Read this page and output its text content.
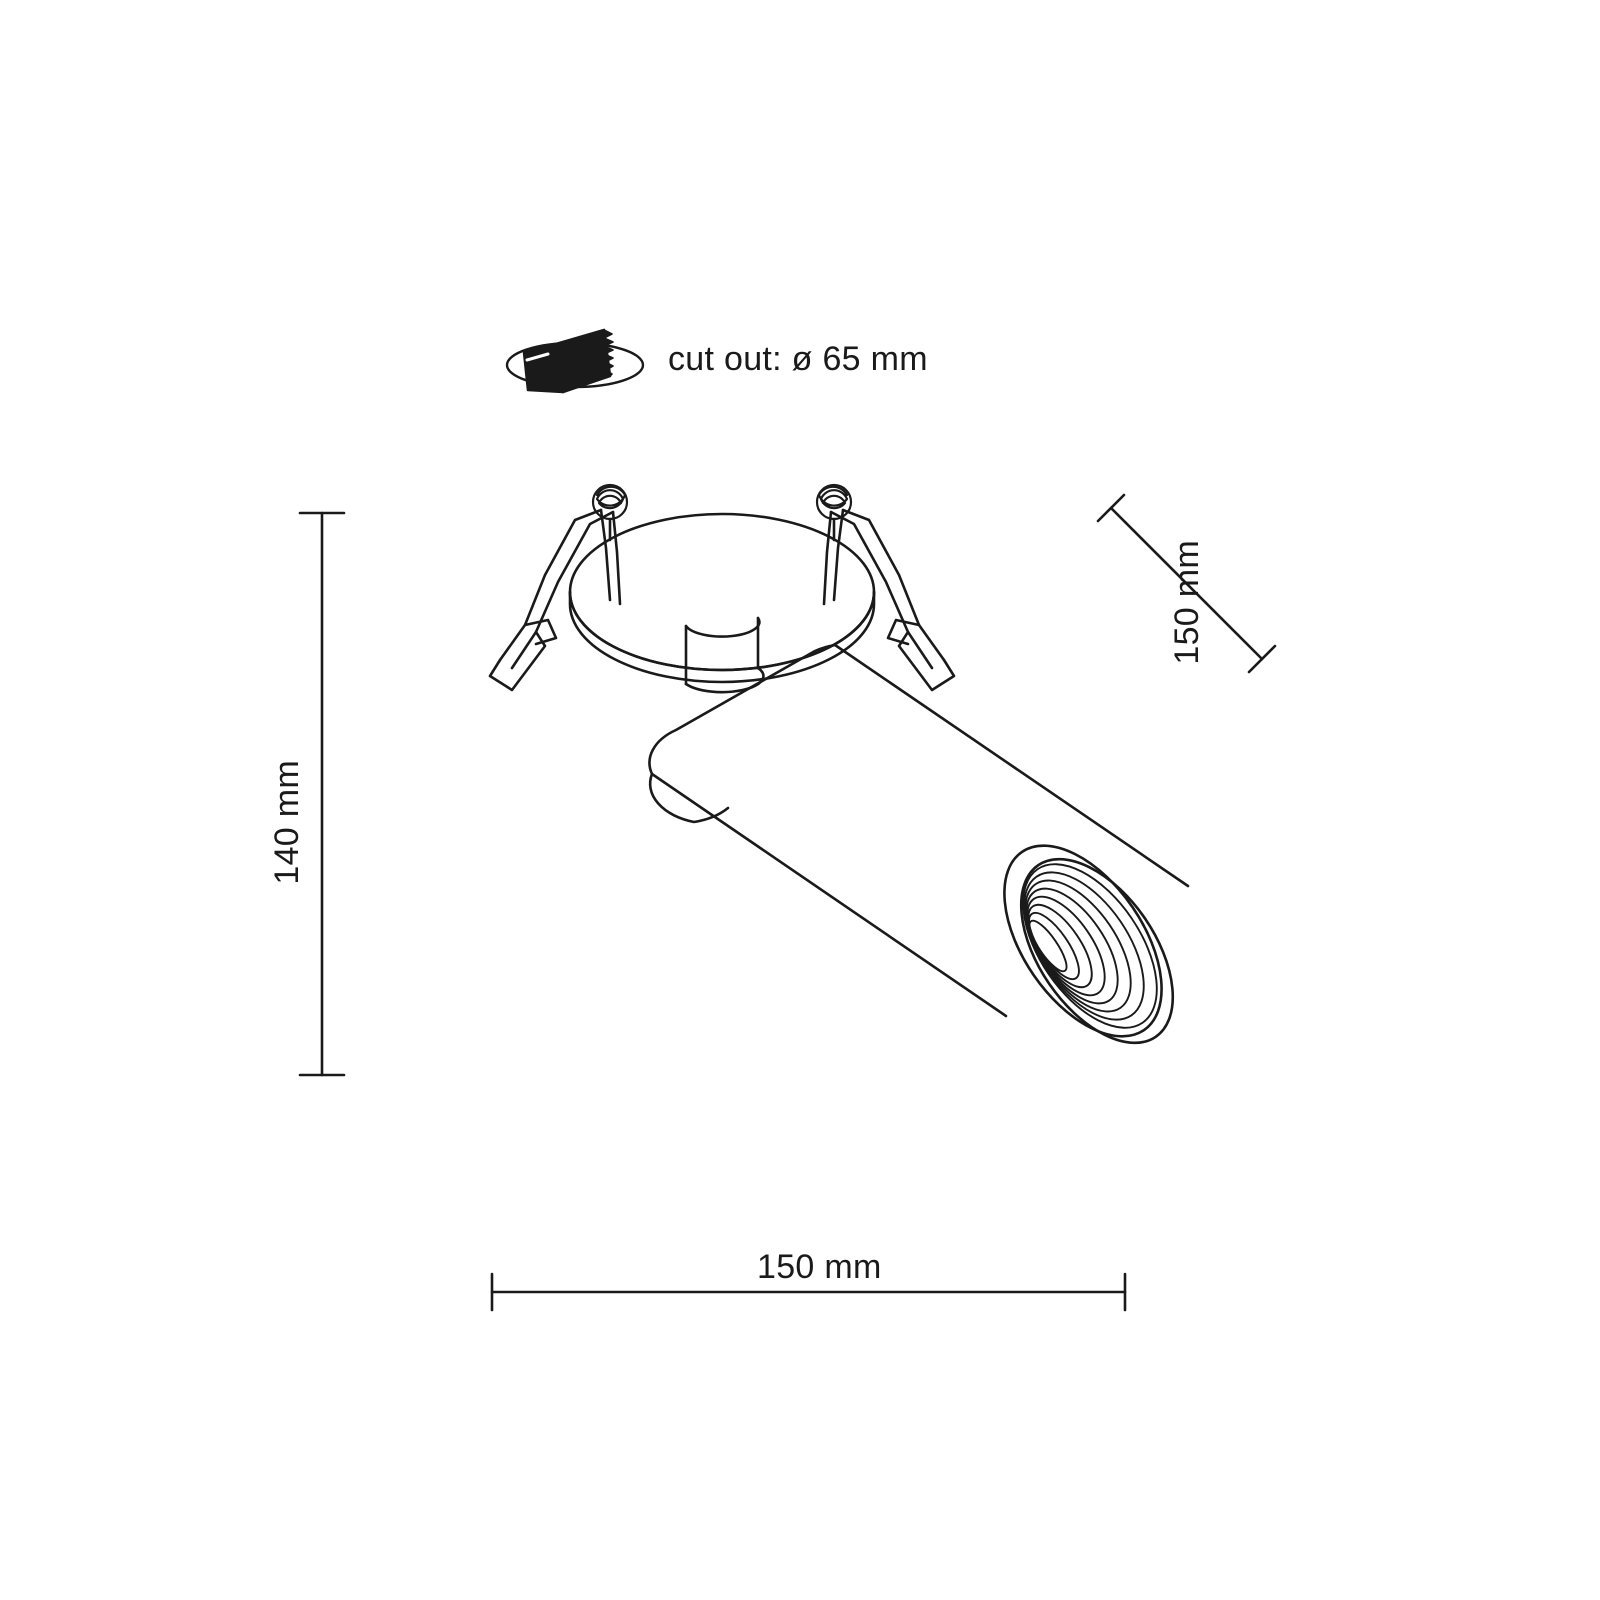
cut out: ø 65 mm
140 mm
150 mm
150 mm
